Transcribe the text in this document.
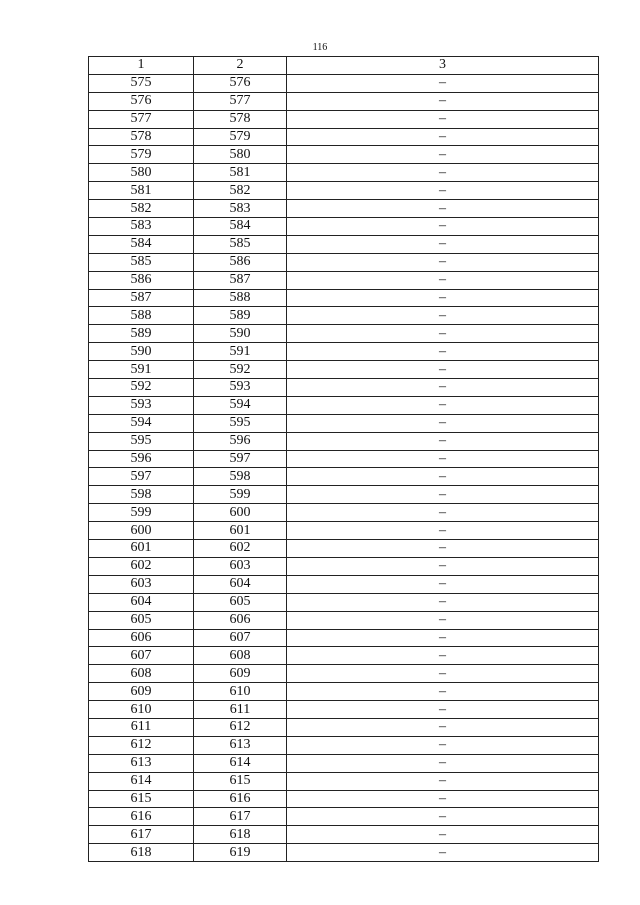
116
1	2	3
575	576	–
576	577	–
577	578	–
578	579	–
579	580	–
580	581	–
581	582	–
582	583	–
583	584	–
584	585	–
585	586	–
586	587	–
587	588	–
588	589	–
589	590	–
590	591	–
591	592	–
592	593	–
593	594	–
594	595	–
595	596	–
596	597	–
597	598	–
598	599	–
599	600	–
600	601	–
601	602	–
602	603	–
603	604	–
604	605	–
605	606	–
606	607	–
607	608	–
608	609	–
609	610	–
610	611	–
611	612	–
612	613	–
613	614	–
614	615	–
615	616	–
616	617	–
617	618	–
618	619	–
